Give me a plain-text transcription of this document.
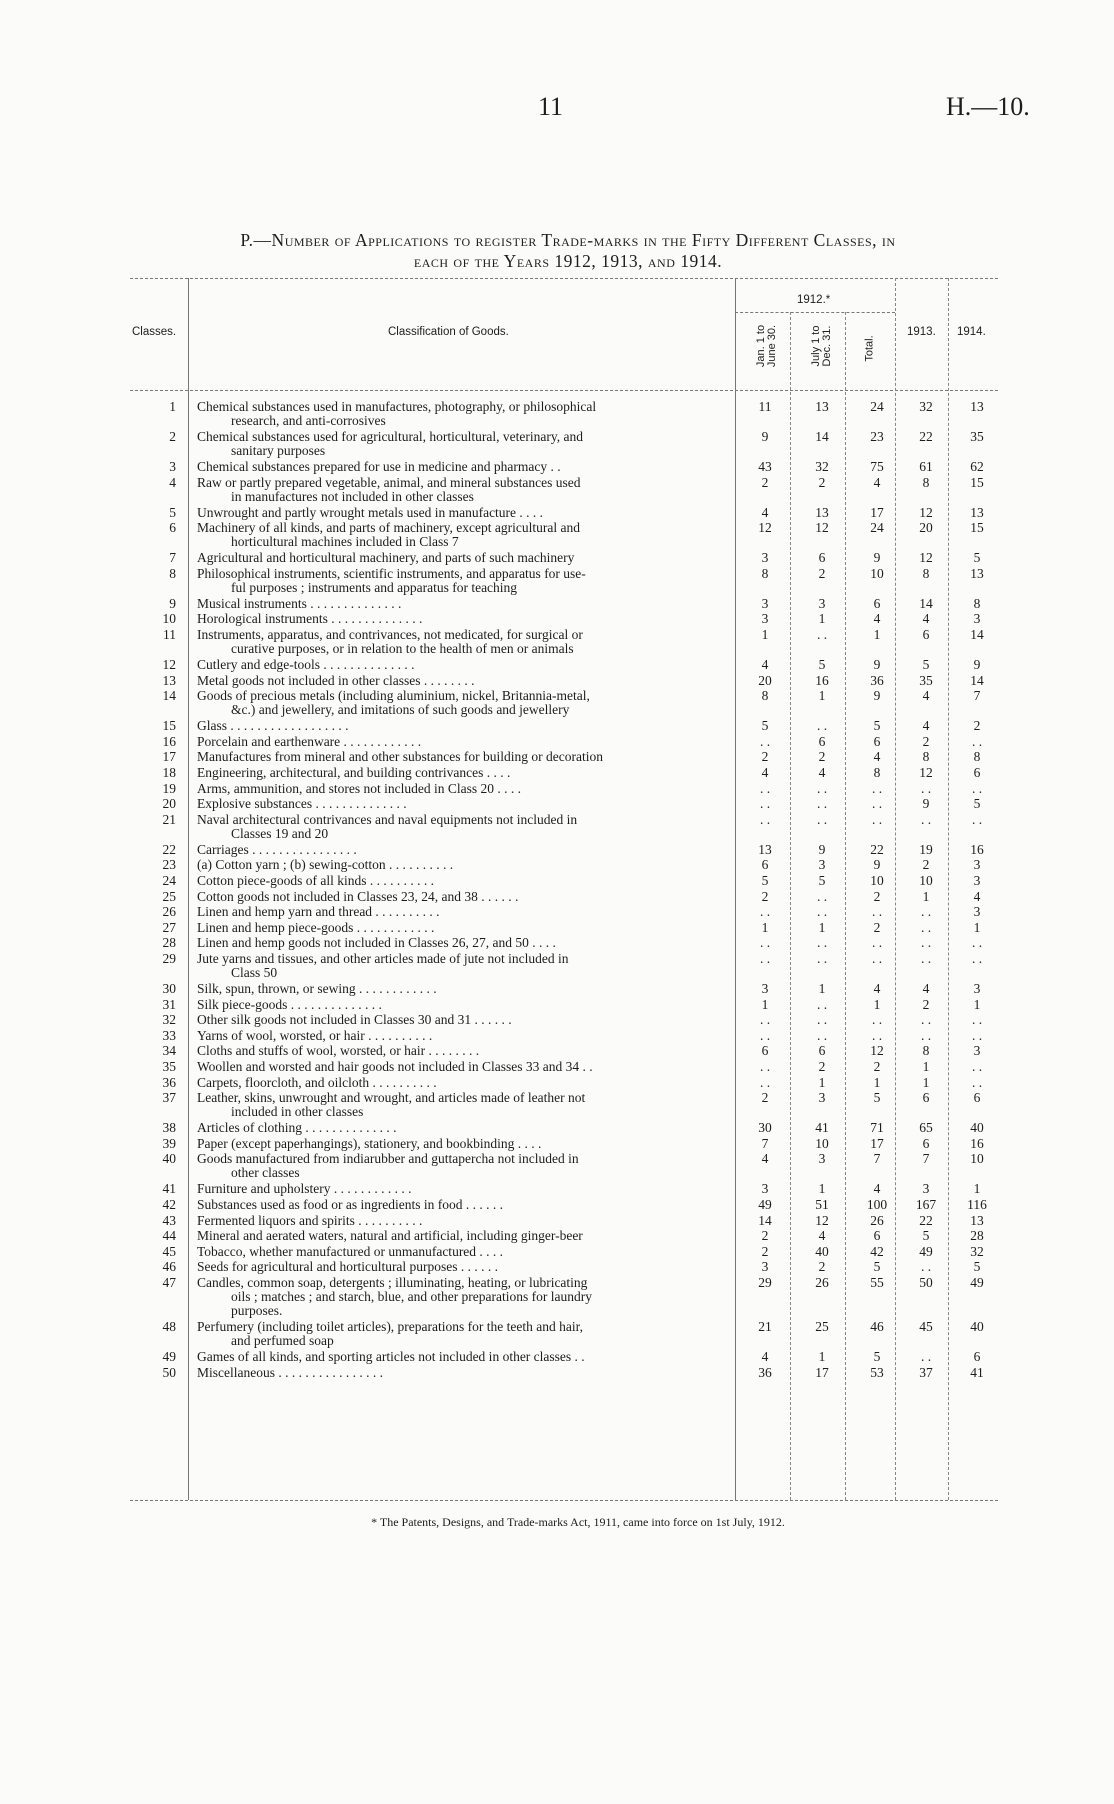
11	H.—10.
P.—Number of Applications to register Trade-marks in the Fifty Different Classes, in
each of the Years 1912, 1913, and 1914.
Classes.	Classification of Goods.
1912.*
Jan. 1 to June 30.	July 1 to Dec. 31.	Total.
1913. 1914.
1 Chemical substances used in manufactures, photography, or philosophical
research, and anti-corrosives
11	13	24	32	13
2 Chemical substances used for agricultural, horticultural, veterinary, and
sanitary purposes
9	14	23	22	35
3 Chemical substances prepared for use in medicine and pharmacy . .	43	32	75	61	62
4 Raw or partly prepared vegetable, animal, and mineral substances used
in manufactures not included in other classes
2	2	4	8	15
5 Unwrought and partly wrought metals used in manufacture . . . .	4	13	17	12	13
6 Machinery of all kinds, and parts of machinery, except agricultural and
horticultural machines included in Class 7
12	12	24	20	15
7 Agricultural and horticultural machinery, and parts of such machinery	3	6	9	12	5
8 Philosophical instruments, scientific instruments, and apparatus for use-
ful purposes ; instruments and apparatus for teaching
8	2	10	8	13
9 Musical instruments . . . . . . . . . . . . . .	3	3	6	14	8
10 Horological instruments . . . . . . . . . . . . . .	3	1	4	4	3
11 Instruments, apparatus, and contrivances, not medicated, for surgical or
curative purposes, or in relation to the health of men or animals
1	. .	1	6	14
12 Cutlery and edge-tools . . . . . . . . . . . . . .	4	5	9	5	9
13 Metal goods not included in other classes . . . . . . . .	20	16	36	35	14
14 Goods of precious metals (including aluminium, nickel, Britannia-metal,
&c.) and jewellery, and imitations of such goods and jewellery
8	1	9	4	7
15 Glass . . . . . . . . . . . . . . . . . .	5	. .	5	4	2
16 Porcelain and earthenware . . . . . . . . . . . .	. .	6	6	2	. .
17 Manufactures from mineral and other substances for building or decoration	2	2	4	8	8
18 Engineering, architectural, and building contrivances . . . .	4	4	8	12	6
19 Arms, ammunition, and stores not included in Class 20 . . . .	. .	. .	. .	. .	. .
20 Explosive substances . . . . . . . . . . . . . .	. .	. .	. .	9	5
21 Naval architectural contrivances and naval equipments not included in
Classes 19 and 20
. .	. .	. .	. .	. .
22 Carriages . . . . . . . . . . . . . . . .	13	9	22	19	16
23 (a) Cotton yarn ; (b) sewing-cotton . . . . . . . . . .	6	3	9	2	3
24 Cotton piece-goods of all kinds . . . . . . . . . .	5	5	10	10	3
25 Cotton goods not included in Classes 23, 24, and 38 . . . . . .	2	. .	2	1	4
26 Linen and hemp yarn and thread . . . . . . . . . .	. .	. .	. .	. .	3
27 Linen and hemp piece-goods . . . . . . . . . . . .	1	1	2	. .	1
28 Linen and hemp goods not included in Classes 26, 27, and 50 . . . .	. .	. .	. .	. .	. .
29 Jute yarns and tissues, and other articles made of jute not included in
Class 50
. .	. .	. .	. .	. .
30 Silk, spun, thrown, or sewing . . . . . . . . . . . .	3	1	4	4	3
31 Silk piece-goods . . . . . . . . . . . . . .	1	. .	1	2	1
32 Other silk goods not included in Classes 30 and 31 . . . . . .	. .	. .	. .	. .	. .
33 Yarns of wool, worsted, or hair . . . . . . . . . .	. .	. .	. .	. .	. .
34 Cloths and stuffs of wool, worsted, or hair . . . . . . . .	6	6	12	8	3
35 Woollen and worsted and hair goods not included in Classes 33 and 34 . .	. .	2	2	1	. .
36 Carpets, floorcloth, and oilcloth . . . . . . . . . .	. .	1	1	1	. .
37 Leather, skins, unwrought and wrought, and articles made of leather not
included in other classes
2	3	5	6	6
38 Articles of clothing . . . . . . . . . . . . . .	30	41	71	65	40
39 Paper (except paperhangings), stationery, and bookbinding . . . .	7	10	17	6	16
40 Goods manufactured from indiarubber and guttapercha not included in
other classes
4	3	7	7	10
41 Furniture and upholstery . . . . . . . . . . . .	3	1	4	3	1
42 Substances used as food or as ingredients in food . . . . . .	49	51	100	167	116
43 Fermented liquors and spirits . . . . . . . . . .	14	12	26	22	13
44 Mineral and aerated waters, natural and artificial, including ginger-beer	2	4	6	5	28
45 Tobacco, whether manufactured or unmanufactured . . . .	2	40	42	49	32
46 Seeds for agricultural and horticultural purposes . . . . . .	3	2	5	. .	5
47 Candles, common soap, detergents ; illuminating, heating, or lubricating
oils ; matches ; and starch, blue, and other preparations for laundry
purposes.
29	26	55	50	49
48 Perfumery (including toilet articles), preparations for the teeth and hair,
and perfumed soap
21	25	46	45	40
49 Games of all kinds, and sporting articles not included in other classes . .	4	1	5	. .	6
50 Miscellaneous . . . . . . . . . . . . . . . .	36	17	53	37	41
* The Patents, Designs, and Trade-marks Act, 1911, came into force on 1st July, 1912.
